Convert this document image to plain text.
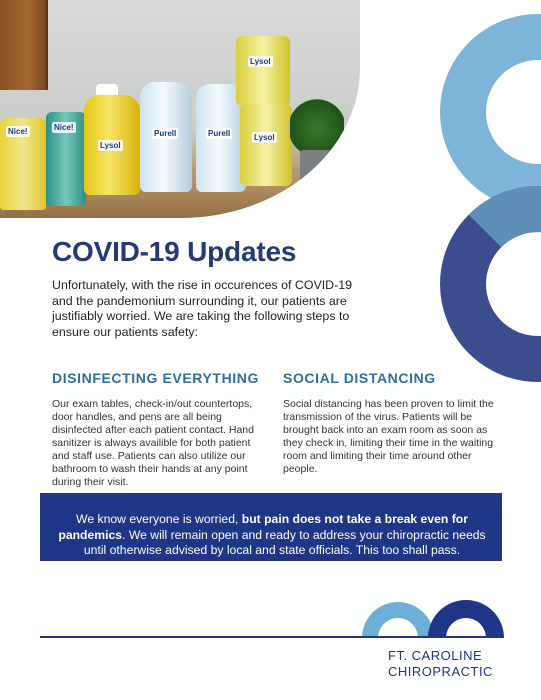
Nice!	Nice!
Lysol
Purell	Purell
Lysol
Lysol
COVID-19 Updates

Unfortunately, with the rise in occurences of COVID-19 and the pandemonium surrounding it, our patients are justifiably worried. We are taking the following steps to ensure our patients safety:

DISINFECTING EVERYTHING

Our exam tables, check-in/out countertops, door handles, and pens are all being disinfected after each patient contact. Hand sanitizer is always availible for both patient and staff use. Patients can also utilize our bathroom to wash their hands at any point during their visit.

SOCIAL DISTANCING

Social distancing has been proven to limit the transmission of the virus. Patients will be brought back into an exam room as soon as they check in, limiting their time in the waiting room and limiting their time around other people.

We know everyone is worried, but pain does not take a break even for pandemics. We will remain open and ready to address your chiropractic needs until otherwise advised by local and state officials. This too shall pass.

FT. CAROLINE
CHIROPRACTIC
